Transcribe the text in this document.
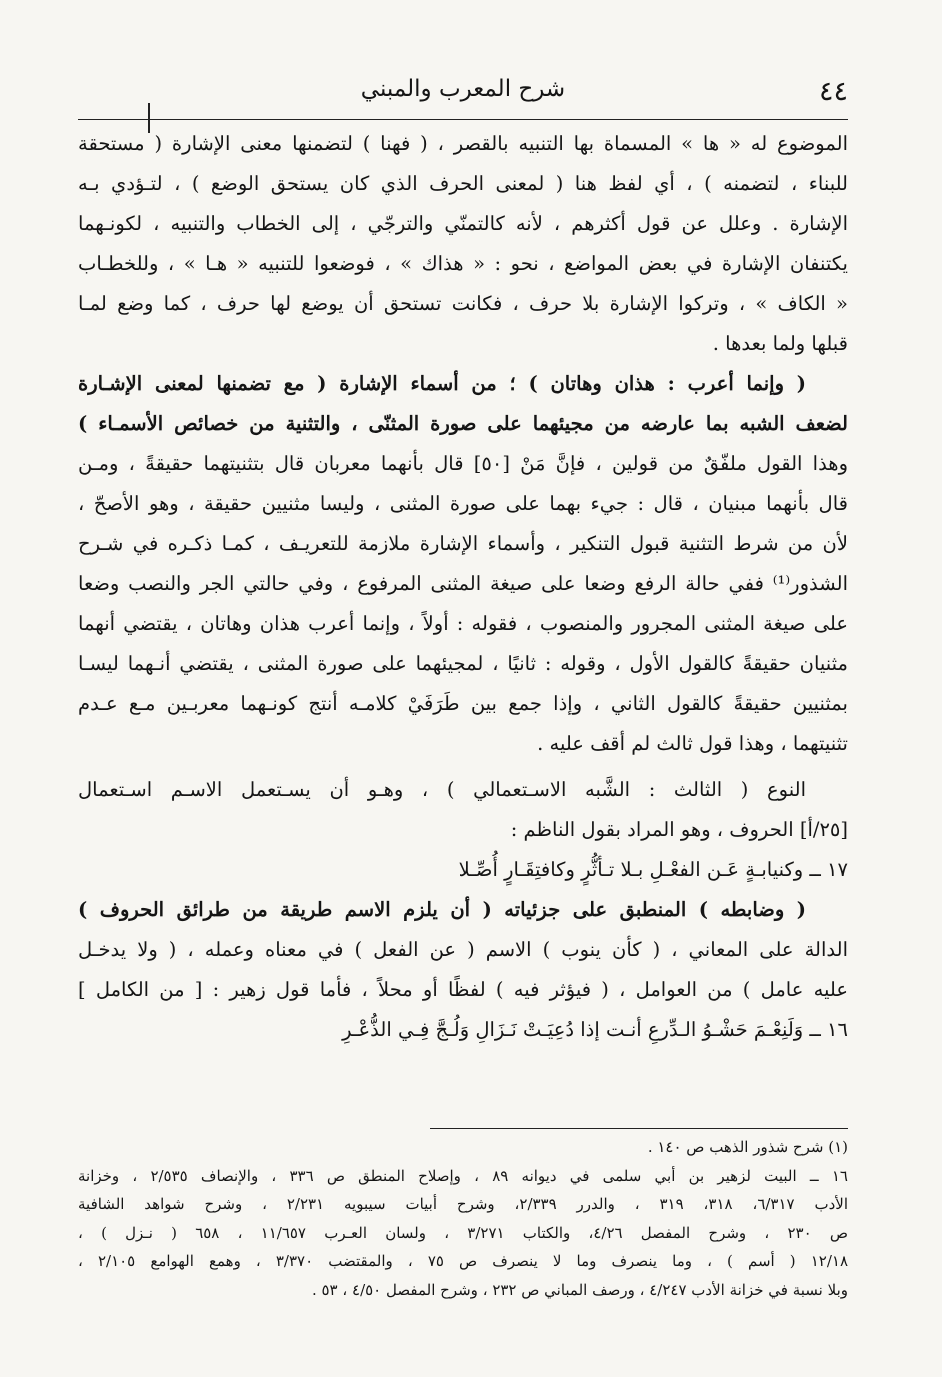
٤٤
شرح المعرب والمبني
الموضوع له « ها » المسماة بها التنبيه بالقصر ، ( فهنا ) لتضمنها معنى الإشارة ( مستحقة
للبناء ، لتضمنه ) ، أي لفظ هنا ( لمعنى الحرف الذي كان يستحق الوضع ) ، لتـؤدي بـه
الإشارة . وعلل عن قول أكثرهم ، لأنه كالتمنّي والترجّي ، إلى الخطاب والتنبيه ، لكونـهما
يكتنفان الإشارة في بعض المواضع ، نحو : « هذاك » ، فوضعوا للتنبيه « هـا » ، وللخطـاب
« الكاف » ، وتركوا الإشارة بلا حرف ، فكانت تستحق أن يوضع لها حرف ، كما وضع لمـا
قبلها ولما بعدها .
( وإنما أعرب : هذان وهاتان ) ؛ من أسماء الإشارة ( مع تضمنها لمعنى الإشـارة
لضعف الشبه بما عارضه من مجيئهما على صورة المثنّى ، والتثنية من خصائص الأسمـاء )
وهذا القول ملفّقٌ من قولين ، فإنَّ مَنْ [٥٠] قال بأنهما معربان قال بتثنيتهما حقيقةً ، ومـن
قال بأنهما مبنيان ، قال : جيء بهما على صورة المثنى ، وليسا مثنيين حقيقة ، وهو الأصحّ ،
لأن من شرط التثنية قبول التنكير ، وأسماء الإشارة ملازمة للتعريـف ، كمـا ذكـره في شـرح
الشذور⁽¹⁾ ففي حالة الرفع وضعا على صيغة المثنى المرفوع ، وفي حالتي الجر والنصب وضعا
على صيغة المثنى المجرور والمنصوب ، فقوله : أولاً ، وإنما أعرب هذان وهاتان ، يقتضي أنهما
مثنيان حقيقةً كالقول الأول ، وقوله : ثانيًا ، لمجيئهما على صورة المثنى ، يقتضي أنـهما ليسـا
بمثنيين حقيقةً كالقول الثاني ، وإذا جمع بين طَرَفَيْ كلامـه أنتج كونـهما معربـين مـع عـدم
تثنيتهما ، وهذا قول ثالث لم أقف عليه .
النوع ( الثالث : الشَّبه الاسـتعمالي ) ، وهـو أن يسـتعمل الاسـم اسـتعمال
[٢٥/أ] الحروف ، وهو المراد بقول الناظم :
١٧ ــ وكنيابـةٍ عَـن الفعْـلِ بـلا تـأثُّرٍ وكافتِقَـارٍ أُصِّـلا
( وضابطه ) المنطبق على جزئياته ( أن يلزم الاسم طريقة من طرائق الحروف )
الدالة على المعاني ، ( كأن ينوب ) الاسم ( عن الفعل ) في معناه وعمله ، ( ولا يدخـل
عليه عامل ) من العوامل ، ( فيؤثر فيه ) لفظًا أو محلاً ، فأما قول زهير : [ من الكامل ]
١٦ ــ وَلَنِعْـمَ حَشْـوُ الـدِّرعِ أنـت إذا دُعِيَـتْ نَـزَالِ وَلُـجَّ فِـي الذُّعْـرِ
(١) شرح شذور الذهب ص ١٤٠ .
١٦ ــ البيت لزهير بن أبي سلمى في ديوانه ٨٩ ، وإصلاح المنطق ص ٣٣٦ ، والإنصاف ٢/٥٣٥ ، وخزانة
الأدب ٦/٣١٧، ٣١٨، ٣١٩ ، والدرر ٢/٣٣٩، وشرح أبيات سيبويه ٢/٢٣١ ، وشرح شواهد الشافية
ص ٢٣٠ ، وشرح المفصل ٤/٢٦، والكتاب ٣/٢٧١ ، ولسان العـرب ١١/٦٥٧ ، ٦٥٨ ( نـزل ) ،
١٢/١٨ ( أسم ) ، وما ينصرف وما لا ينصرف ص ٧٥ ، والمقتضب ٣/٣٧٠ ، وهمع الهوامع ٢/١٠٥ ،
وبلا نسبة في خزانة الأدب ٤/٢٤٧ ، ورصف المباني ص ٢٣٢ ، وشرح المفصل ٤/٥٠ ، ٥٣ .
